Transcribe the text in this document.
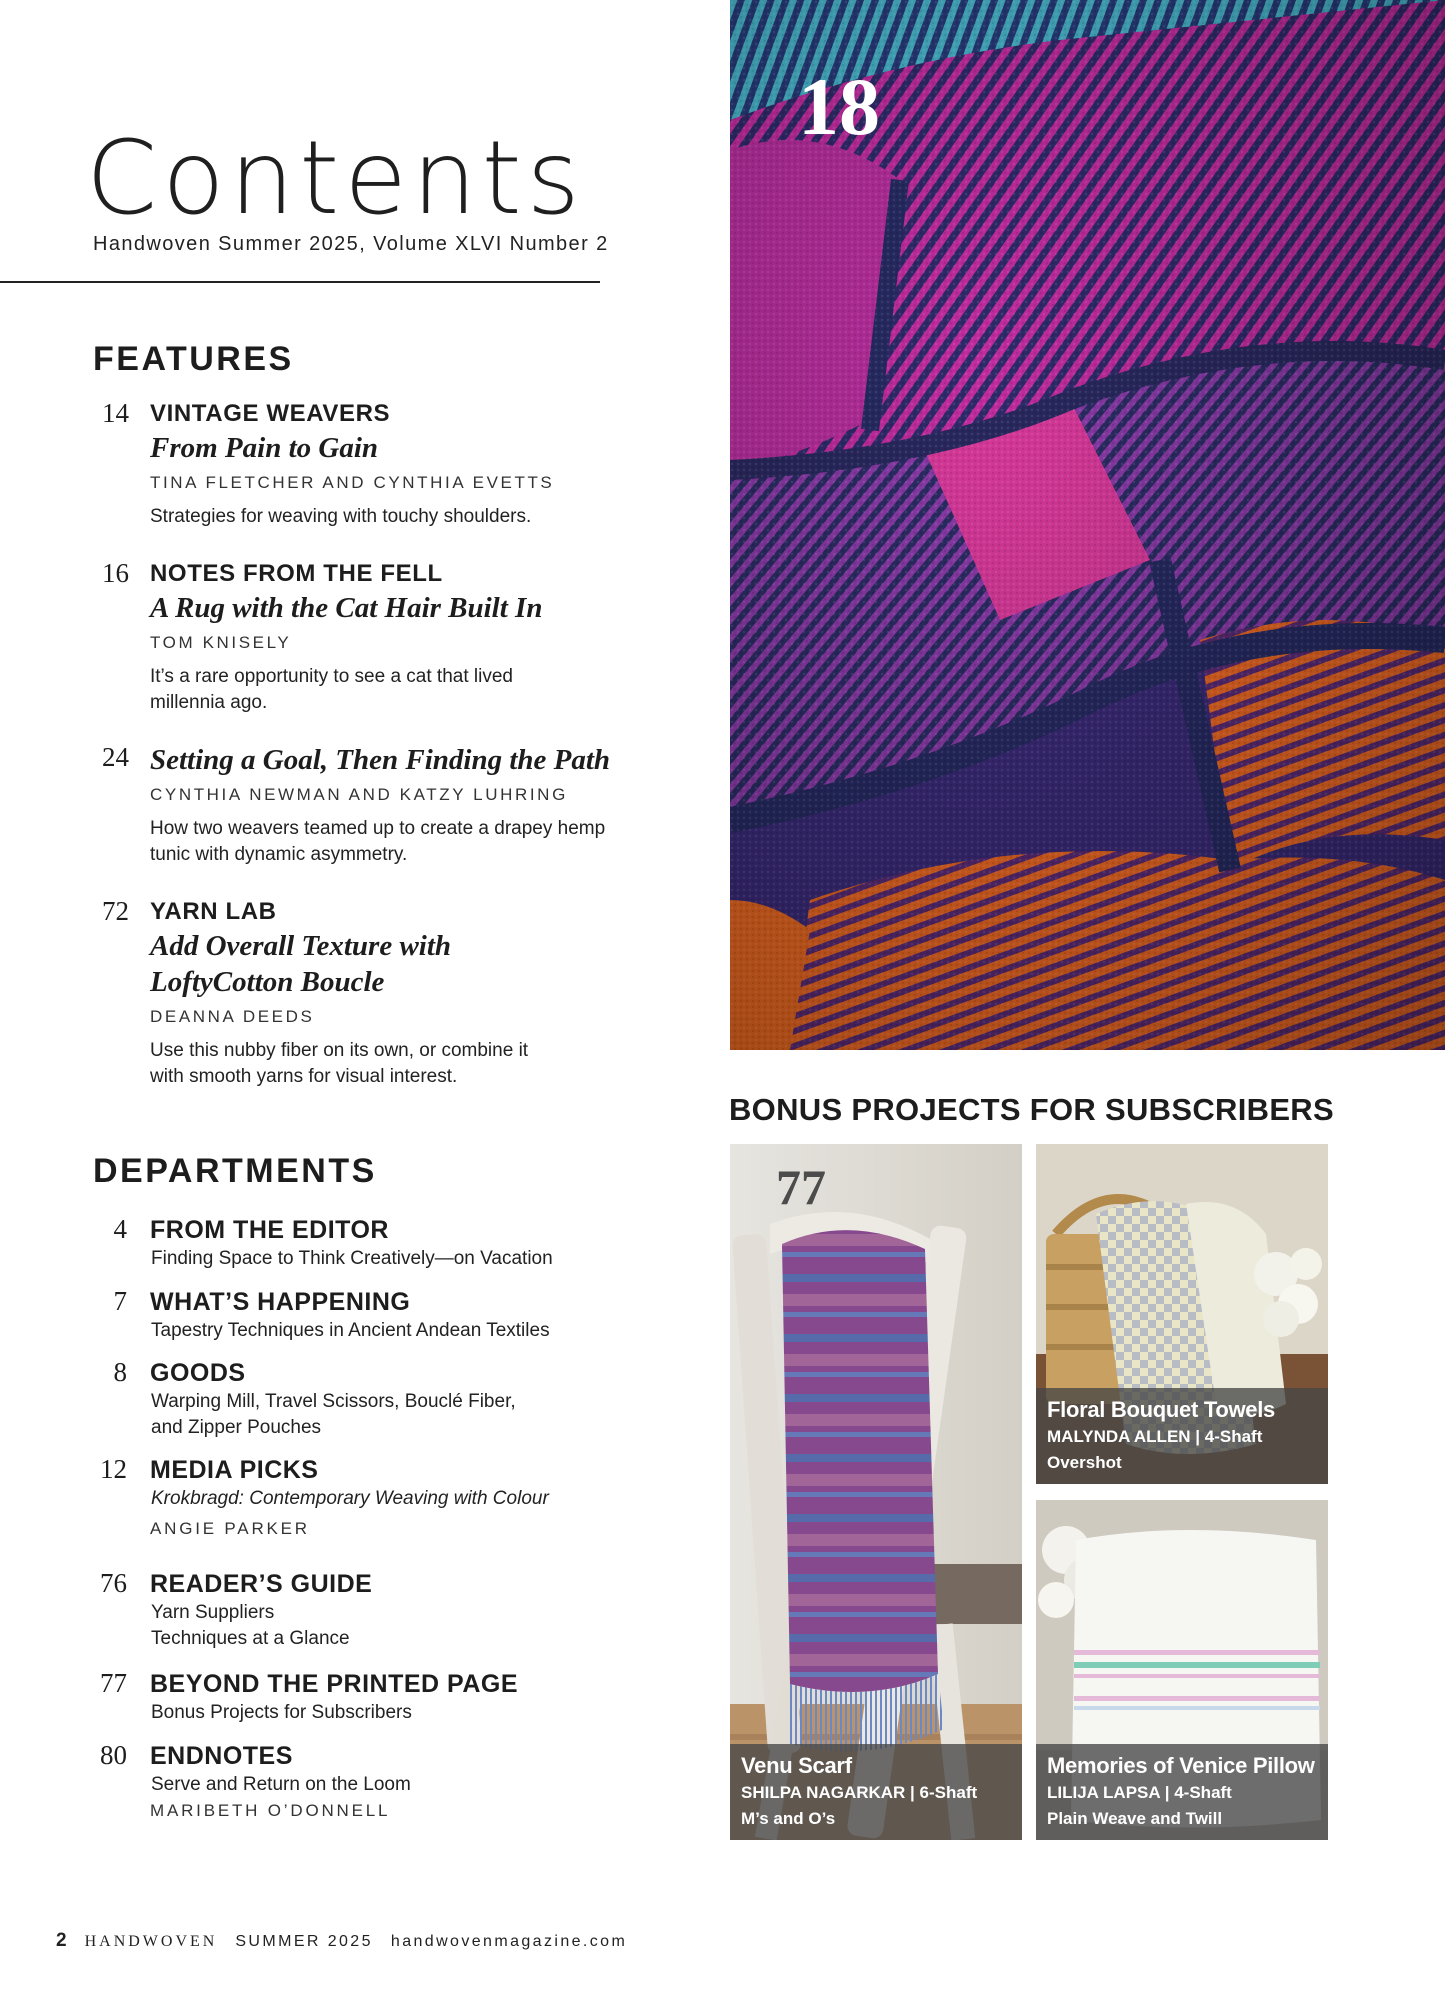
Contents
Handwoven Summer 2025, Volume XLVI Number 2
FEATURES
14 VINTAGE WEAVERS
From Pain to Gain
TINA FLETCHER AND CYNTHIA EVETTS
Strategies for weaving with touchy shoulders.
16 NOTES FROM THE FELL
A Rug with the Cat Hair Built In
TOM KNISELY
It’s a rare opportunity to see a cat that lived
millennia ago.
24 Setting a Goal, Then Finding the Path
CYNTHIA NEWMAN AND KATZY LUHRING
How two weavers teamed up to create a drapey hemp
tunic with dynamic asymmetry.
72 YARN LAB
Add Overall Texture with
LoftyCotton Boucle
DEANNA DEEDS
Use this nubby fiber on its own, or combine it
with smooth yarns for visual interest.
DEPARTMENTS
4 FROM THE EDITOR
Finding Space to Think Creatively—on Vacation
7 WHAT’S HAPPENING
Tapestry Techniques in Ancient Andean Textiles
8 GOODS
Warping Mill, Travel Scissors, Bouclé Fiber,
and Zipper Pouches
12 MEDIA PICKS
Krokbragd: Contemporary Weaving with Colour
ANGIE PARKER
76 READER’S GUIDE
Yarn Suppliers
Techniques at a Glance
77 BEYOND THE PRINTED PAGE
Bonus Projects for Subscribers
80 ENDNOTES
Serve and Return on the Loom
MARIBETH O’DONNELL
2 HANDWOVEN SUMMER 2025 handwovenmagazine.com
18
BONUS PROJECTS FOR SUBSCRIBERS
77
Venu Scarf
SHILPA NAGARKAR | 6-Shaft
M’s and O’s
Floral Bouquet Towels
MALYNDA ALLEN | 4-Shaft
Overshot
Memories of Venice Pillow
LILIJA LAPSA | 4-Shaft
Plain Weave and Twill
